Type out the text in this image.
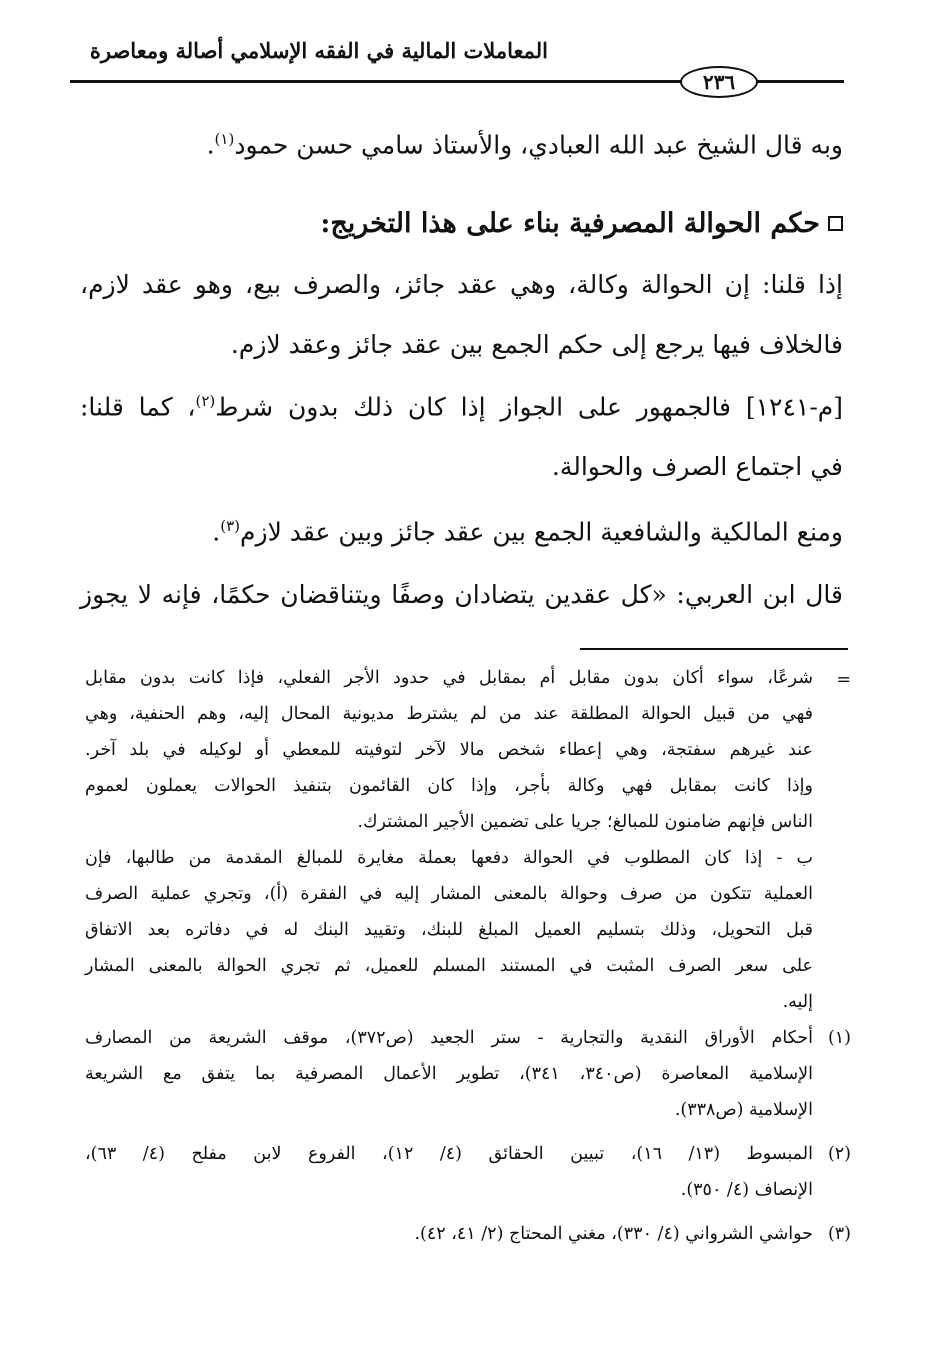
المعاملات المالية في الفقه الإسلامي أصالة ومعاصرة
٢٣٦
وبه قال الشيخ عبد الله العبادي، والأستاذ سامي حسن حمود$^{(١)}$.
حكم الحوالة المصرفية بناء على هذا التخريج:
إذا قلنا: إن الحوالة وكالة، وهي عقد جائز، والصرف بيع، وهو عقد لازم،
فالخلاف فيها يرجع إلى حكم الجمع بين عقد جائز وعقد لازم.
[م-١٢٤١] فالجمهور على الجواز إذا كان ذلك بدون شرط$^{(٢)}$، كما قلنا:
في اجتماع الصرف والحوالة.
ومنع المالكية والشافعية الجمع بين عقد جائز وبين عقد لازم$^{(٣)}$.
قال ابن العربي: «كل عقدين يتضادان وصفًا ويتناقضان حكمًا، فإنه لا يجوز
=
شرعًا، سواء أكان بدون مقابل أم بمقابل في حدود الأجر الفعلي، فإذا كانت بدون مقابل
فهي من قبيل الحوالة المطلقة عند من لم يشترط مديونية المحال إليه، وهم الحنفية، وهي
عند غيرهم سفتجة، وهي إعطاء شخص مالا لآخر لتوفيته للمعطي أو لوكيله في بلد آخر.
وإذا كانت بمقابل فهي وكالة بأجر، وإذا كان القائمون بتنفيذ الحوالات يعملون لعموم
الناس فإنهم ضامنون للمبالغ؛ جريا على تضمين الأجير المشترك.
ب - إذا كان المطلوب في الحوالة دفعها بعملة مغايرة للمبالغ المقدمة من طالبها، فإن
العملية تتكون من صرف وحوالة بالمعنى المشار إليه في الفقرة (أ)، وتجري عملية الصرف
قبل التحويل، وذلك بتسليم العميل المبلغ للبنك، وتقييد البنك له في دفاتره بعد الاتفاق
على سعر الصرف المثبت في المستند المسلم للعميل، ثم تجري الحوالة بالمعنى المشار
إليه.
(١)
أحكام الأوراق النقدية والتجارية - ستر الجعيد (ص٣٧٢)، موقف الشريعة من المصارف
الإسلامية المعاصرة (ص٣٤٠، ٣٤١)، تطوير الأعمال المصرفية بما يتفق مع الشريعة
الإسلامية (ص٣٣٨).
(٢)
المبسوط (١٣/ ١٦)، تبيين الحقائق (٤/ ١٢)، الفروع لابن مفلح (٤/ ٦٣)،
الإنصاف (٤/ ٣٥٠).
(٣)
حواشي الشرواني (٤/ ٣٣٠)، مغني المحتاج (٢/ ٤١، ٤٢).
